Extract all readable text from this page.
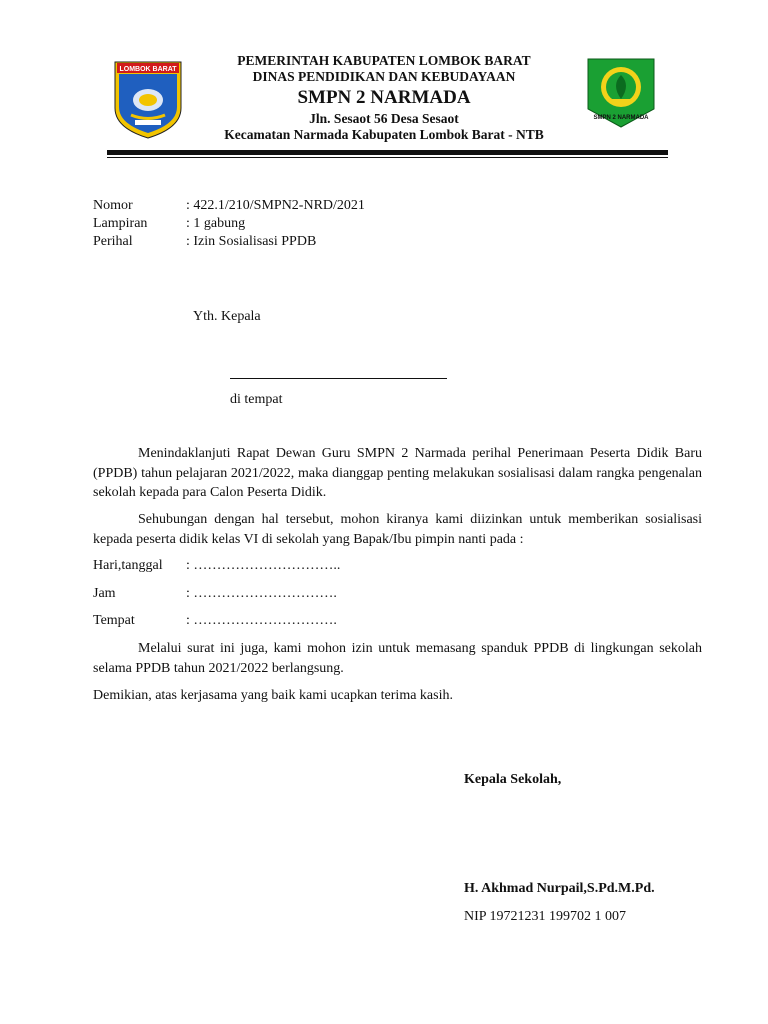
LOMBOK BARAT
SMPN 2 NARMADA
PEMERINTAH KABUPATEN LOMBOK BARAT
DINAS PENDIDIKAN DAN KEBUDAYAAN
SMPN 2 NARMADA
Jln. Sesaot 56 Desa Sesaot
Kecamatan Narmada Kabupaten Lombok Barat - NTB
Nomor	: 422.1/210/SMPN2-NRD/2021
Lampiran	: 1 gabung
Perihal	: Izin Sosialisasi PPDB
Yth. Kepala
di tempat
Menindaklanjuti Rapat Dewan Guru SMPN 2 Narmada perihal Penerimaan Peserta Didik Baru (PPDB) tahun pelajaran 2021/2022, maka dianggap penting melakukan sosialisasi dalam rangka pengenalan sekolah kepada para Calon Peserta Didik.
Sehubungan dengan hal tersebut, mohon kiranya kami diizinkan untuk memberikan sosialisasi kepada peserta didik kelas VI di sekolah yang Bapak/Ibu pimpin nanti pada :
Hari,tanggal : …………………………..
Jam	: ………………………….
Tempat	: ………………………….
Melalui surat ini juga, kami mohon izin untuk memasang spanduk PPDB di lingkungan sekolah selama PPDB tahun 2021/2022 berlangsung.
Demikian, atas kerjasama yang baik kami ucapkan terima kasih.
Kepala Sekolah,
H. Akhmad Nurpail,S.Pd.M.Pd.
NIP 19721231 199702 1 007
